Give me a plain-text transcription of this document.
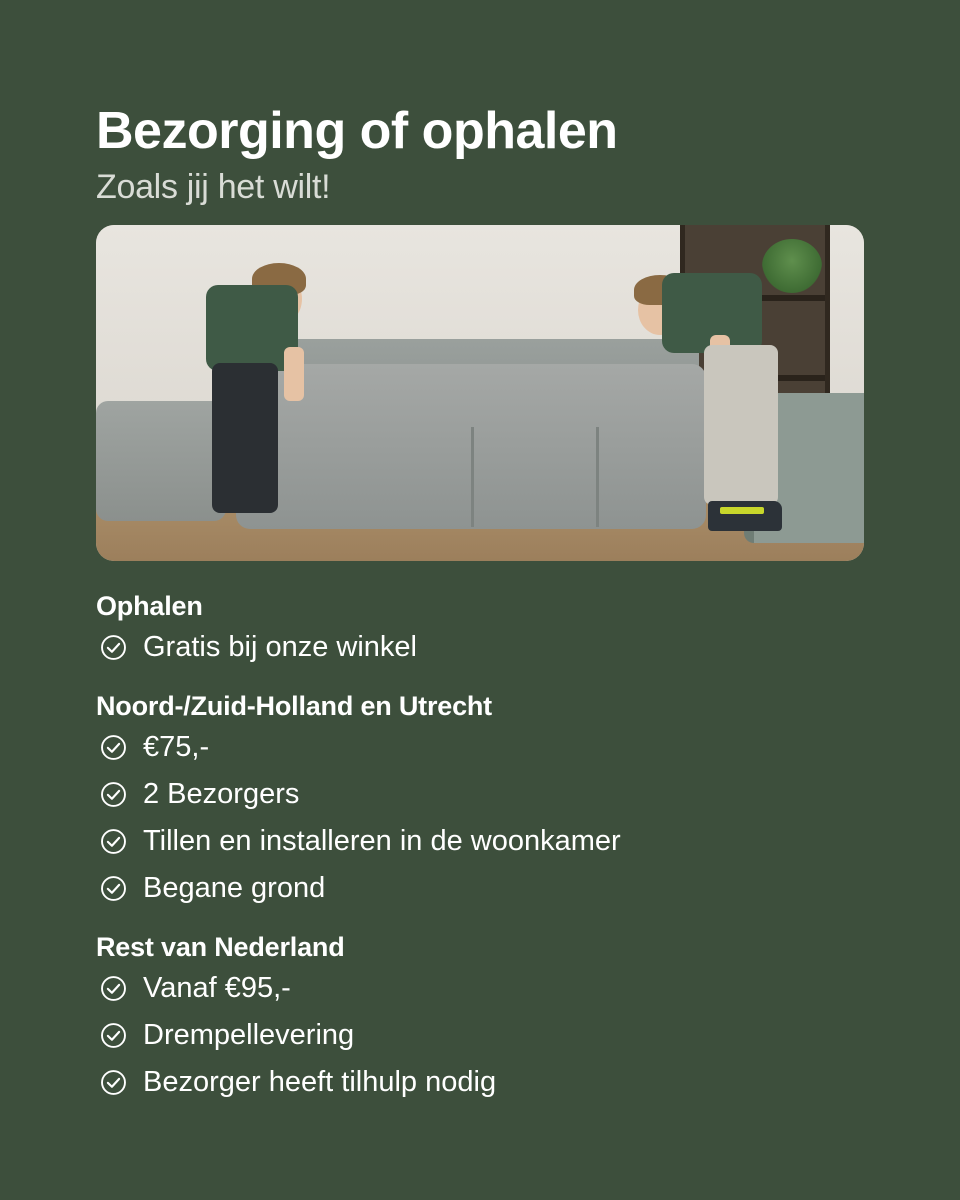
Bezorging of ophalen
Zoals jij het wilt!
Ophalen
Gratis bij onze winkel
Noord-/Zuid-Holland en Utrecht
€75,-
2 Bezorgers
Tillen en installeren in de woonkamer
Begane grond
Rest van Nederland
Vanaf €95,-
Drempellevering
Bezorger heeft tilhulp nodig
